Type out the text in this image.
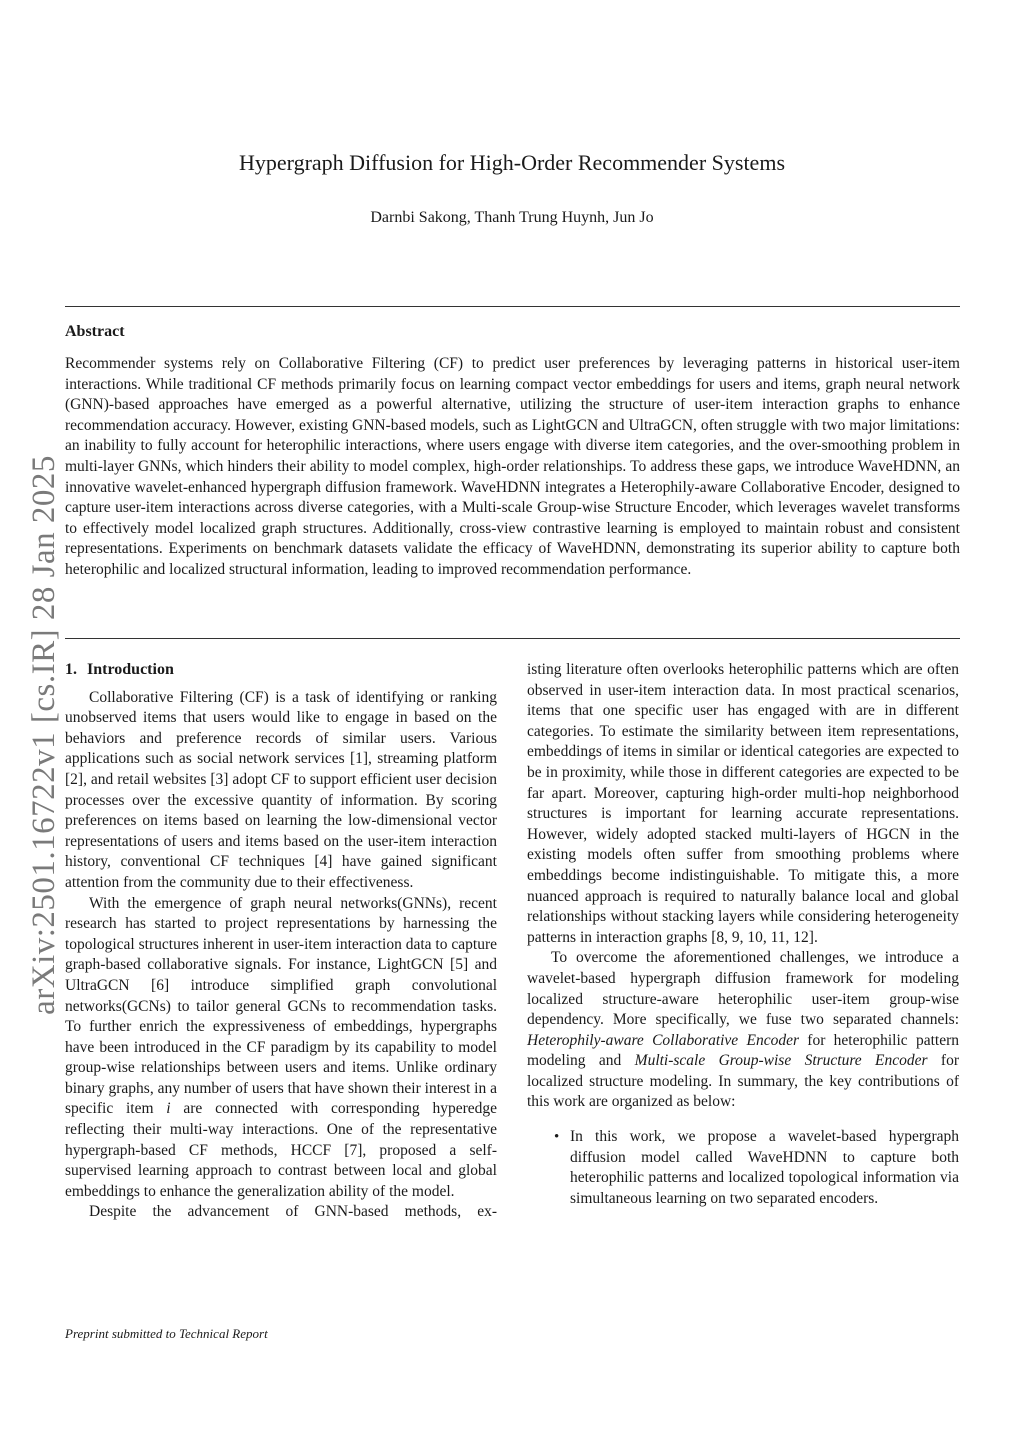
arXiv:2501.16722v1 [cs.IR] 28 Jan 2025
Hypergraph Diffusion for High-Order Recommender Systems
Darnbi Sakong, Thanh Trung Huynh, Jun Jo
Abstract
Recommender systems rely on Collaborative Filtering (CF) to predict user preferences by leveraging patterns in historical user-item interactions. While traditional CF methods primarily focus on learning compact vector embeddings for users and items, graph neural network (GNN)-based approaches have emerged as a powerful alternative, utilizing the structure of user-item interaction graphs to enhance recommendation accuracy. However, existing GNN-based models, such as LightGCN and UltraGCN, often struggle with two major limitations: an inability to fully account for heterophilic interactions, where users engage with diverse item categories, and the over-smoothing problem in multi-layer GNNs, which hinders their ability to model complex, high-order relationships. To address these gaps, we introduce WaveHDNN, an innovative wavelet-enhanced hypergraph diffusion framework. WaveHDNN integrates a Heterophily-aware Collaborative Encoder, designed to capture user-item interactions across diverse categories, with a Multi-scale Group-wise Structure Encoder, which leverages wavelet transforms to effectively model localized graph structures. Additionally, cross-view contrastive learning is employed to maintain robust and consistent representations. Experiments on benchmark datasets validate the efficacy of WaveHDNN, demonstrating its superior ability to capture both heterophilic and localized structural information, leading to improved recommendation performance.
1. Introduction

Collaborative Filtering (CF) is a task of identifying or ranking unobserved items that users would like to engage in based on the behaviors and preference records of similar users. Various applications such as social network services [1], streaming platform [2], and retail websites [3] adopt CF to support efficient user decision processes over the excessive quantity of information. By scoring preferences on items based on learning the low-dimensional vector representations of users and items based on the user-item interaction history, conventional CF techniques [4] have gained significant attention from the community due to their effectiveness.

With the emergence of graph neural networks(GNNs), recent research has started to project representations by harnessing the topological structures inherent in user-item interaction data to capture graph-based collaborative signals. For instance, LightGCN [5] and UltraGCN [6] introduce simplified graph convolutional networks(GCNs) to tailor general GCNs to recommendation tasks. To further enrich the expressiveness of embeddings, hypergraphs have been introduced in the CF paradigm by its capability to model group-wise relationships between users and items. Unlike ordinary binary graphs, any number of users that have shown their interest in a specific item i are connected with corresponding hyperedge reflecting their multi-way interactions. One of the representative hypergraph-based CF methods, HCCF [7], proposed a self-supervised learning approach to contrast between local and global embeddings to enhance the generalization ability of the model.

Despite the advancement of GNN-based methods, ex-

isting literature often overlooks heterophilic patterns which are often observed in user-item interaction data. In most practical scenarios, items that one specific user has engaged with are in different categories. To estimate the similarity between item representations, embeddings of items in similar or identical categories are expected to be in proximity, while those in different categories are expected to be far apart. Moreover, capturing high-order multi-hop neighborhood structures is important for learning accurate representations. However, widely adopted stacked multi-layers of HGCN in the existing models often suffer from smoothing problems where embeddings become indistinguishable. To mitigate this, a more nuanced approach is required to naturally balance local and global relationships without stacking layers while considering heterogeneity patterns in interaction graphs [8, 9, 10, 11, 12].

To overcome the aforementioned challenges, we introduce a wavelet-based hypergraph diffusion framework for modeling localized structure-aware heterophilic user-item group-wise dependency. More specifically, we fuse two separated channels: Heterophily-aware Collaborative Encoder for heterophilic pattern modeling and Multi-scale Group-wise Structure Encoder for localized structure modeling. In summary, the key contributions of this work are organized as below:

• In this work, we propose a wavelet-based hypergraph diffusion model called WaveHDNN to capture both heterophilic patterns and localized topological information via simultaneous learning on two separated encoders.
Preprint submitted to Technical Report
